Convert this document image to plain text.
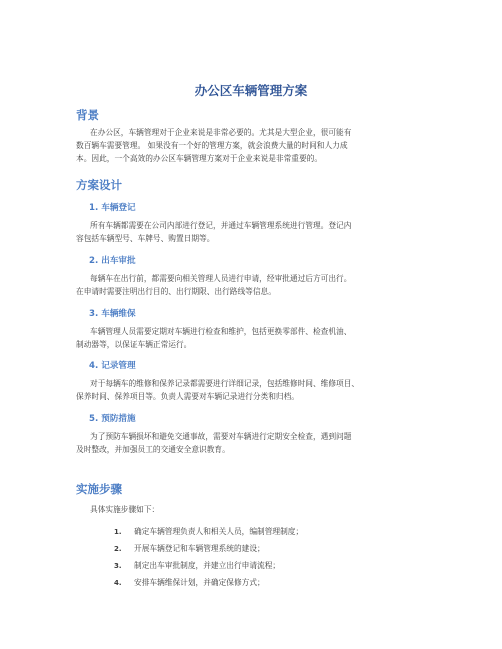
办公区车辆管理方案
背景
在办公区，车辆管理对于企业来说是非常必要的。尤其是大型企业，很可能有
数百辆车需要管理。 如果没有一个好的管理方案，就会浪费大量的时间和人力成
本。因此，一个高效的办公区车辆管理方案对于企业来说是非常重要的。
方案设计
1. 车辆登记
所有车辆都需要在公司内部进行登记，并通过车辆管理系统进行管理。登记内
容包括车辆型号、车牌号、购置日期等。
2. 出车审批
每辆车在出行前，都需要向相关管理人员进行申请，经审批通过后方可出行。
在申请时需要注明出行目的、出行期限、出行路线等信息。
3. 车辆维保
车辆管理人员需要定期对车辆进行检查和维护，包括更换零部件、检查机油、
制动器等，以保证车辆正常运行。
4. 记录管理
对于每辆车的维修和保养记录都需要进行详细记录，包括维修时间、维修项目、
保养时间、保养项目等。负责人需要对车辆记录进行分类和归档。
5. 预防措施
为了预防车辆损坏和避免交通事故，需要对车辆进行定期安全检查，遇到问题
及时整改，并加强员工的交通安全意识教育。
实施步骤
具体实施步骤如下：
1. 确定车辆管理负责人和相关人员，编制管理制度；
2. 开展车辆登记和车辆管理系统的建设；
3. 制定出车审批制度，并建立出行申请流程；
4. 安排车辆维保计划，并确定保修方式；
